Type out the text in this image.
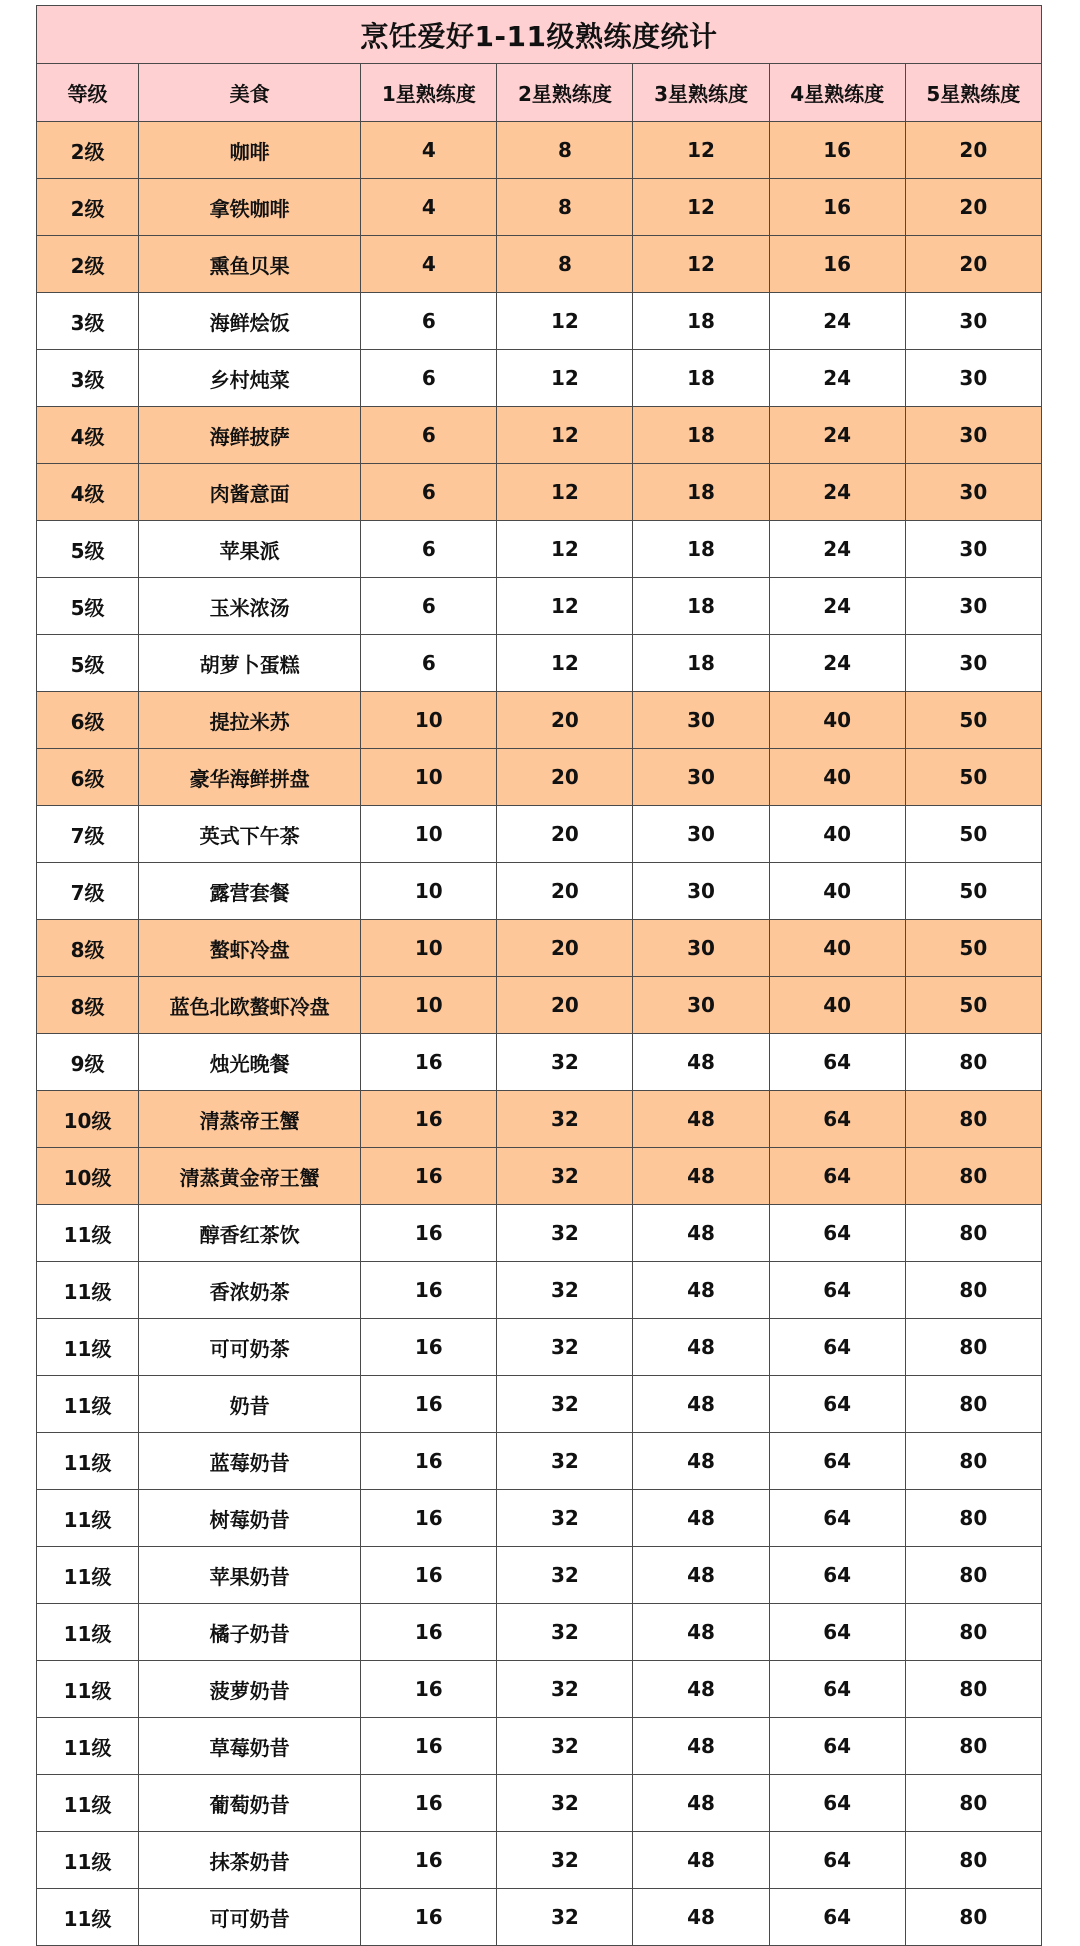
烹饪爱好1-11级熟练度统计						
等级	美食	1星熟练度	2星熟练度	3星熟练度	4星熟练度	5星熟练度
2级	咖啡	4	8	12	16	20
2级	拿铁咖啡	4	8	12	16	20
2级	熏鱼贝果	4	8	12	16	20
3级	海鲜烩饭	6	12	18	24	30
3级	乡村炖菜	6	12	18	24	30
4级	海鲜披萨	6	12	18	24	30
4级	肉酱意面	6	12	18	24	30
5级	苹果派	6	12	18	24	30
5级	玉米浓汤	6	12	18	24	30
5级	胡萝卜蛋糕	6	12	18	24	30
6级	提拉米苏	10	20	30	40	50
6级	豪华海鲜拼盘	10	20	30	40	50
7级	英式下午茶	10	20	30	40	50
7级	露营套餐	10	20	30	40	50
8级	螯虾冷盘	10	20	30	40	50
8级	蓝色北欧螯虾冷盘	10	20	30	40	50
9级	烛光晚餐	16	32	48	64	80
10级	清蒸帝王蟹	16	32	48	64	80
10级	清蒸黄金帝王蟹	16	32	48	64	80
11级	醇香红茶饮	16	32	48	64	80
11级	香浓奶茶	16	32	48	64	80
11级	可可奶茶	16	32	48	64	80
11级	奶昔	16	32	48	64	80
11级	蓝莓奶昔	16	32	48	64	80
11级	树莓奶昔	16	32	48	64	80
11级	苹果奶昔	16	32	48	64	80
11级	橘子奶昔	16	32	48	64	80
11级	菠萝奶昔	16	32	48	64	80
11级	草莓奶昔	16	32	48	64	80
11级	葡萄奶昔	16	32	48	64	80
11级	抹茶奶昔	16	32	48	64	80
11级	可可奶昔	16	32	48	64	80
